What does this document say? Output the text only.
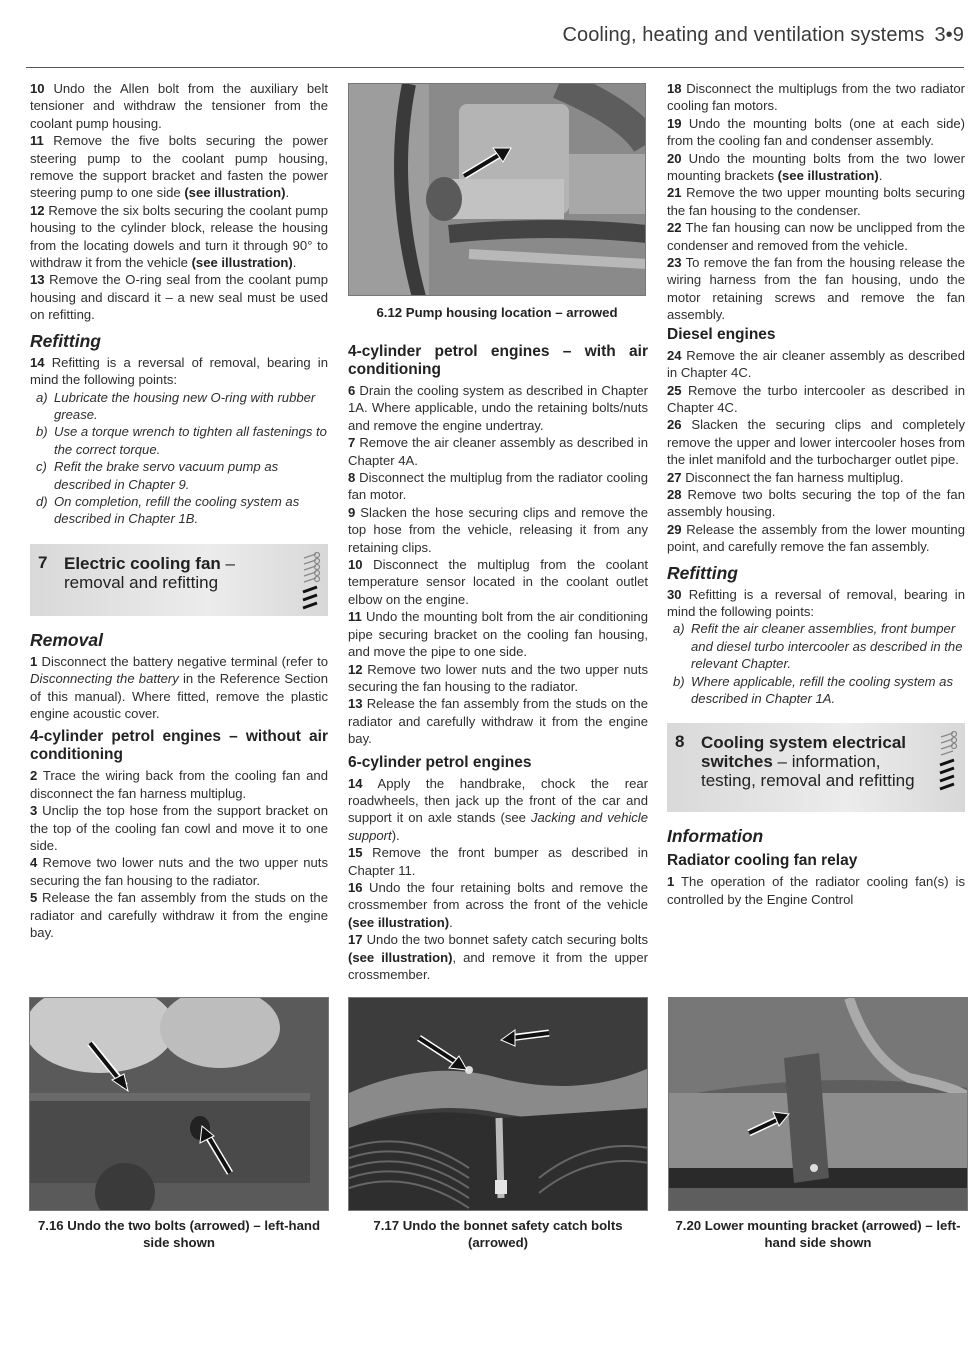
Cooling, heating and ventilation systems 3•9

10 Undo the Allen bolt from the auxiliary belt tensioner and withdraw the tensioner from the coolant pump housing.

11 Remove the five bolts securing the power steering pump to the coolant pump housing, remove the support bracket and fasten the power steering pump to one side (see illustration).

12 Remove the six bolts securing the coolant pump housing to the cylinder block, release the housing from the locating dowels and turn it through 90° to withdraw it from the vehicle (see illustration).

13 Remove the O-ring seal from the coolant pump housing and discard it – a new seal must be used on refitting.

Refitting

14 Refitting is a reversal of removal, bearing in mind the following points:

a) Lubricate the housing new O-ring with rubber grease.
b) Use a torque wrench to tighten all fastenings to the correct torque.
c) Refit the brake servo vacuum pump as described in Chapter 9.
d) On completion, refill the cooling system as described in Chapter 1B.
7 Electric cooling fan –
removal and refitting
Removal

1 Disconnect the battery negative terminal (refer to Disconnecting the battery in the Reference Section of this manual). Where fitted, remove the plastic engine acoustic cover.

4-cylinder petrol engines – without air conditioning

2 Trace the wiring back from the cooling fan and disconnect the fan harness multiplug.

3 Unclip the top hose from the support bracket on the top of the cooling fan cowl and move it to one side.

4 Remove two lower nuts and the two upper nuts securing the fan housing to the radiator.

5 Release the fan assembly from the studs on the radiator and carefully withdraw it from the engine bay.

6.12 Pump housing location – arrowed
4-cylinder petrol engines – with air conditioning

6 Drain the cooling system as described in Chapter 1A. Where applicable, undo the retaining bolts/nuts and remove the engine undertray.

7 Remove the air cleaner assembly as described in Chapter 4A.

8 Disconnect the multiplug from the radiator cooling fan motor.

9 Slacken the hose securing clips and remove the top hose from the vehicle, releasing it from any retaining clips.

10 Disconnect the multiplug from the coolant temperature sensor located in the coolant outlet elbow on the engine.

11 Undo the mounting bolt from the air conditioning pipe securing bracket on the cooling fan housing, and move the pipe to one side.

12 Remove two lower nuts and the two upper nuts securing the fan housing to the radiator.

13 Release the fan assembly from the studs on the radiator and carefully withdraw it from the engine bay.

6-cylinder petrol engines

14 Apply the handbrake, chock the rear roadwheels, then jack up the front of the car and support it on axle stands (see Jacking and vehicle support).

15 Remove the front bumper as described in Chapter 11.

16 Undo the four retaining bolts and remove the crossmember from across the front of the vehicle (see illustration).

17 Undo the two bonnet safety catch securing bolts (see illustration), and remove it from the upper crossmember.

18 Disconnect the multiplugs from the two radiator cooling fan motors.

19 Undo the mounting bolts (one at each side) from the cooling fan and condenser assembly.

20 Undo the mounting bolts from the two lower mounting brackets (see illustration).

21 Remove the two upper mounting bolts securing the fan housing to the condenser.

22 The fan housing can now be unclipped from the condenser and removed from the vehicle.

23 To remove the fan from the housing release the wiring harness from the fan housing, undo the motor retaining screws and remove the fan assembly.

Diesel engines

24 Remove the air cleaner assembly as described in Chapter 4C.

25 Remove the turbo intercooler as described in Chapter 4C.

26 Slacken the securing clips and completely remove the upper and lower intercooler hoses from the inlet manifold and the turbocharger outlet pipe.

27 Disconnect the fan harness multiplug.

28 Remove two bolts securing the top of the fan assembly housing.

29 Release the assembly from the lower mounting point, and carefully remove the fan assembly.

Refitting

30 Refitting is a reversal of removal, bearing in mind the following points:

a) Refit the air cleaner assemblies, front bumper and diesel turbo intercooler as described in the relevant Chapter.
b) Where applicable, refill the cooling system as described in Chapter 1A.
8 Cooling system electrical switches – information, testing, removal and refitting
Information
Radiator cooling fan relay

1 The operation of the radiator cooling fan(s) is controlled by the Engine Control

7.16 Undo the two bolts (arrowed) – left-hand side shown
7.17 Undo the bonnet safety catch bolts (arrowed)
7.20 Lower mounting bracket (arrowed) – left-hand side shown
